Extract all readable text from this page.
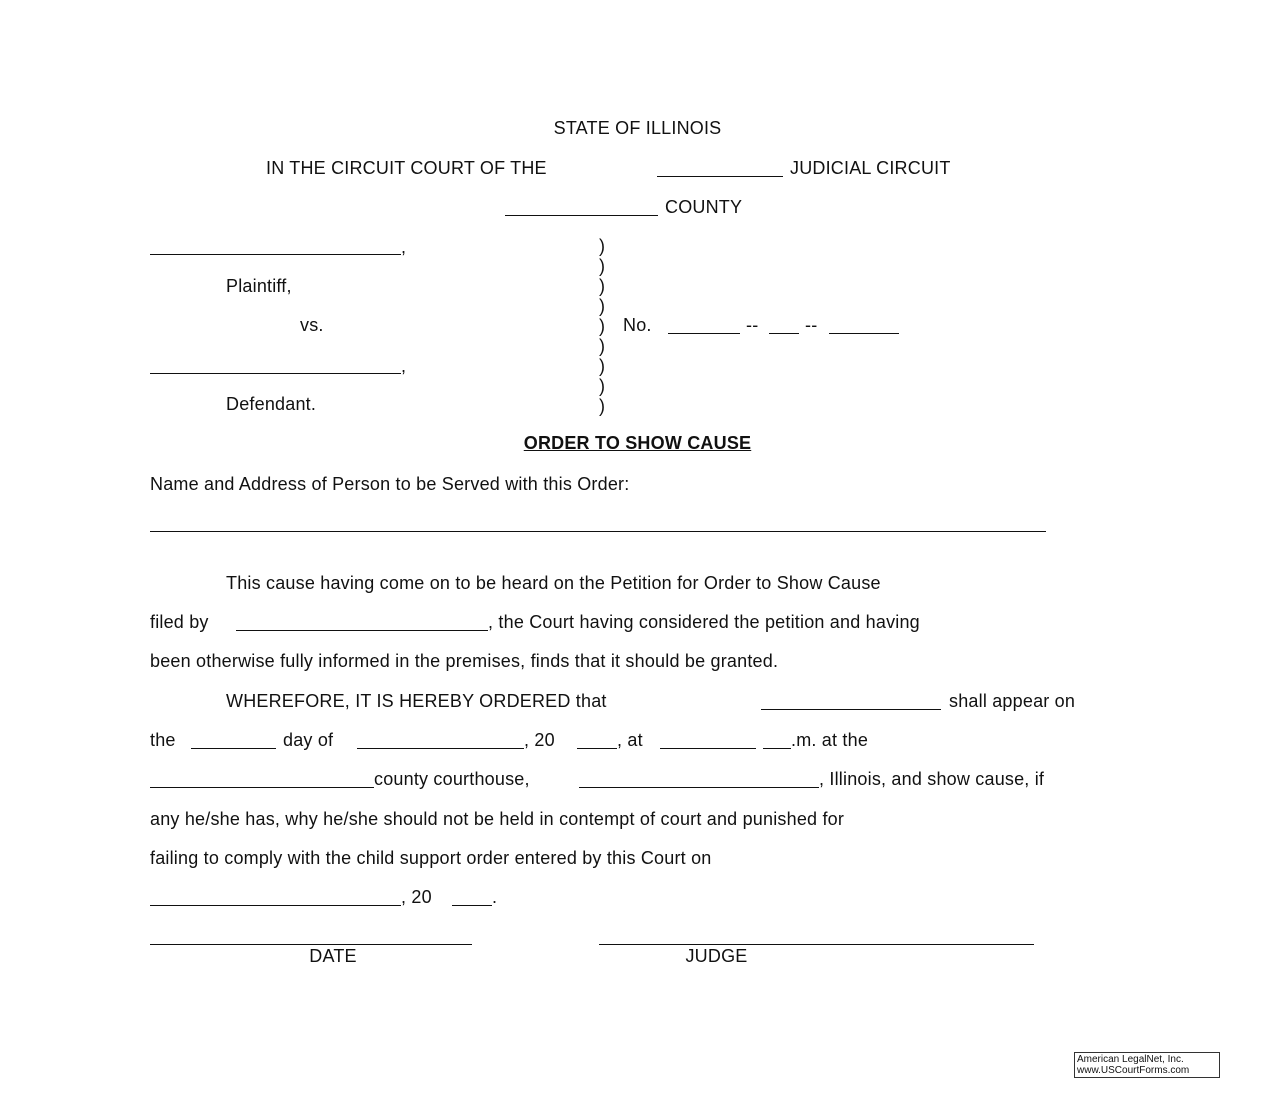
STATE OF ILLINOIS
IN THE CIRCUIT COURT OF THE	JUDICIAL CIRCUIT
COUNTY
,
Plaintiff,
vs.
,
Defendant.
)
)
)
)
)
)
)
)
)
No.	--	--
ORDER TO SHOW CAUSE
Name and Address of Person to be Served with this Order:
This cause having come on to be heard on the Petition for Order to Show Cause
filed by	, the Court having considered the petition and having
been otherwise fully informed in the premises, finds that it should be granted.
WHEREFORE, IT IS HEREBY ORDERED that	shall appear on
the	day of	, 20	, at	.m. at the
county courthouse,	, Illinois, and show cause, if
any he/she has, why he/she should not be held in contempt of court and punished for
failing to comply with the child support order entered by this Court on
, 20	.
DATE	JUDGE
American LegalNet, Inc.
www.USCourtForms.com
